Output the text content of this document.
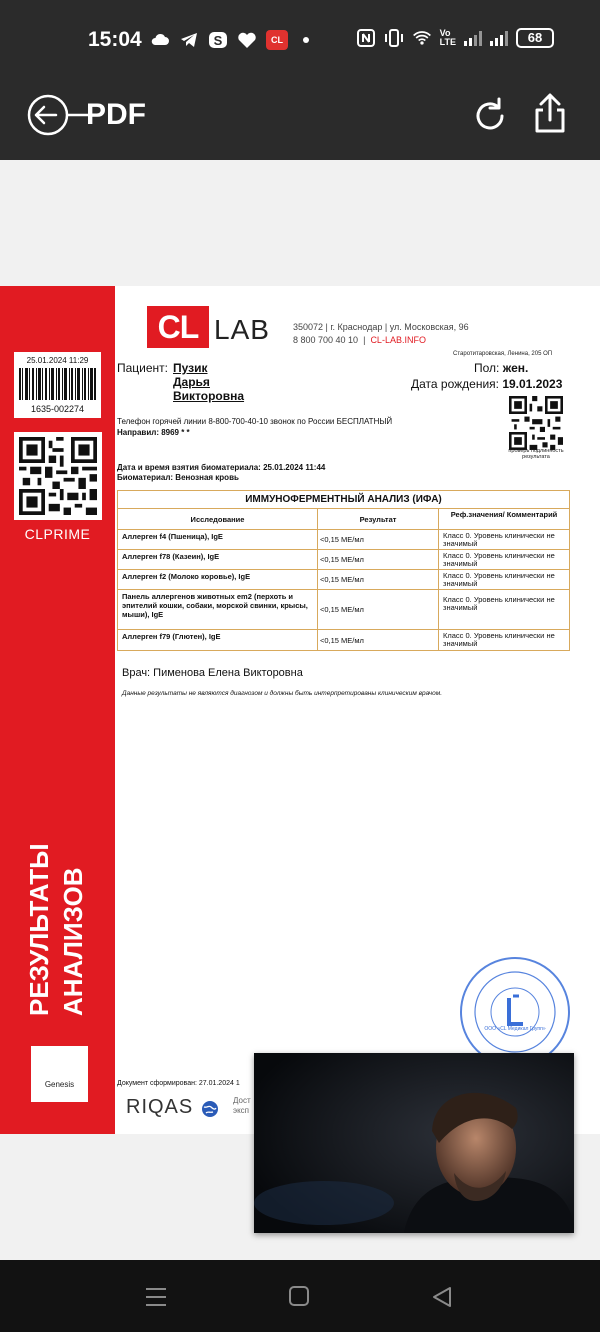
15:04	S	CL
Vo
LTE	68
PDF
25.01.2024 11:29
1635-002274
CLPRIME
РЕЗУЛЬТАТЫ АНАЛИЗОВ
Genesis
CL LAB	350072 | г. Краснодар | ул. Московская, 96
8 800 700 40 10  |  CL-LAB.INFO
Старотитаровская, Ленина, 205 ОП
Пациент: Пузик
Дарья
Викторовна
Пол: жен.
Дата рождения: 19.01.2023
проверь подлинность результата
Телефон горячей линии 8-800-700-40-10 звонок по России БЕСПЛАТНЫЙ
Направил: 8969 * *
Дата и время взятия биоматериала: 25.01.2024 11:44
Биоматериал: Венозная кровь
ИММУНОФЕРМЕНТНЫЙ АНАЛИЗ (ИФА)
Исследование	Результат	Реф.значения/ Комментарий
Аллерген f4 (Пшеница), IgE	<0,15 МЕ/мл	Класс 0. Уровень клинически не значимый
Аллерген f78 (Казеин), IgE	<0,15 МЕ/мл	Класс 0. Уровень клинически не значимый
Аллерген f2 (Молоко коровье), IgE	<0,15 МЕ/мл	Класс 0. Уровень клинически не значимый
Панель аллергенов животных em2 (перхоть и эпителий кошки, собаки, морской свинки, крысы, мыши), IgE
<0,15 МЕ/мл
Класс 0. Уровень клинически не значимый
Аллерген f79 (Глютен), IgE	<0,15 МЕ/мл	Класс 0. Уровень клинически не значимый
Врач: Пименова Елена Викторовна
Данные результаты не являются диагнозом и должны быть интерпретированы клиническим врачом.
ООО «CL Медикал Групп»
Документ сформирован: 27.01.2024 1
RIQAS	Дост
эксп
